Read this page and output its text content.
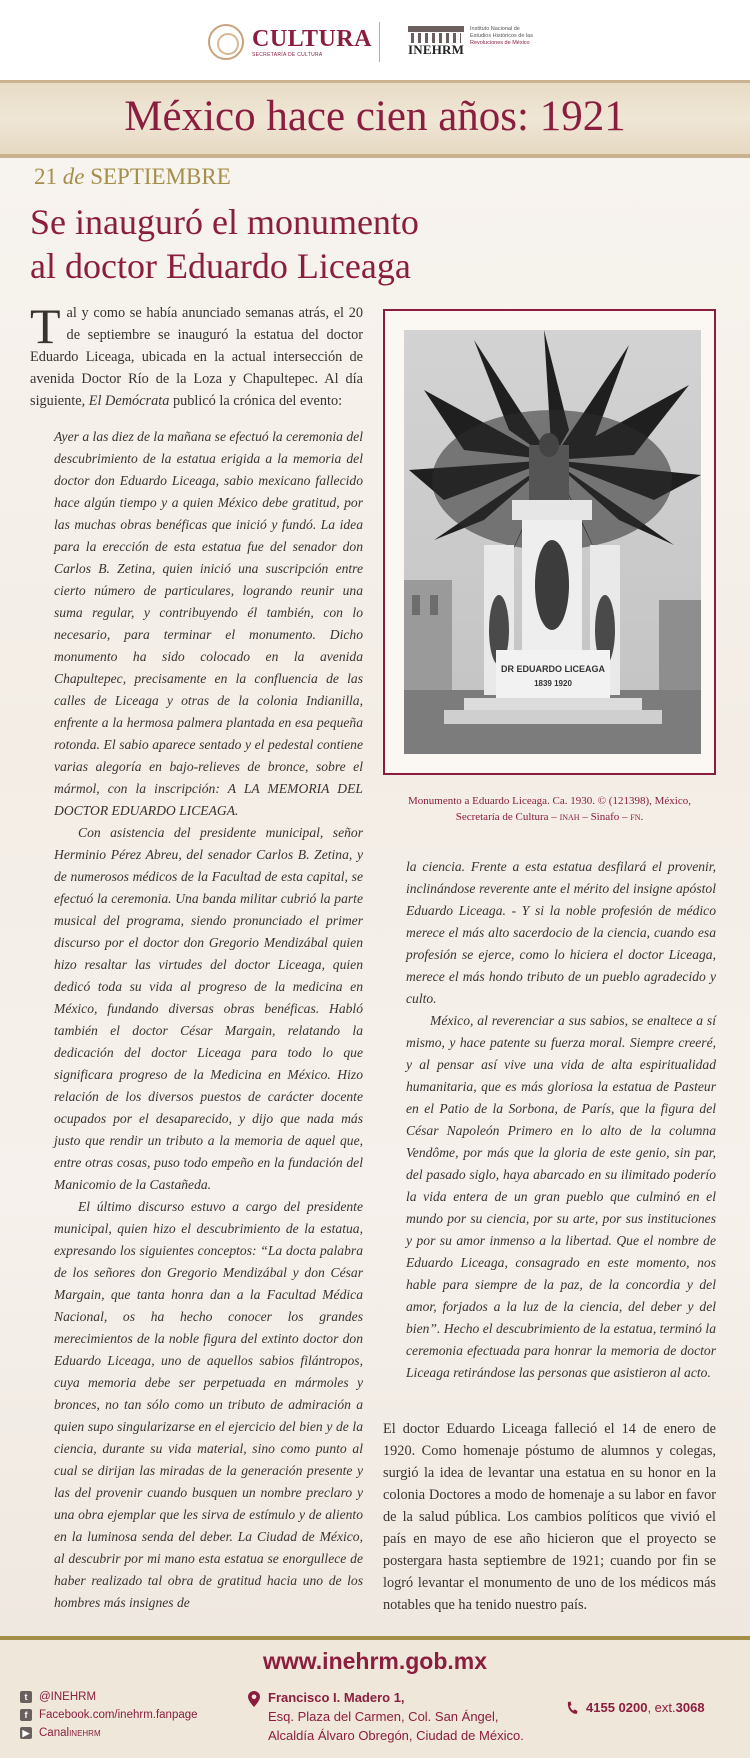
CULTURA
SECRETARÍA DE CULTURA	INEHRM
Instituto Nacional de
Estudios Históricos de las
Revoluciones de México
México hace cien años: 1921
21 de SEPTIEMBRE
Se inauguró el monumento
al doctor Eduardo Liceaga

Tal y como se había anunciado semanas atrás, el 20 de septiembre se inauguró la estatua del doctor Eduardo Liceaga, ubicada en la actual intersección de avenida Doctor Río de la Loza y Chapultepec. Al día siguiente, El Demócrata publicó la crónica del evento:

Ayer a las diez de la mañana se efectuó la ceremonia del descubrimiento de la estatua erigida a la memoria del doctor don Eduardo Liceaga, sabio mexicano fallecido hace algún tiempo y a quien México debe gratitud, por las muchas obras benéficas que inició y fundó. La idea para la erección de esta estatua fue del senador don Carlos B. Zetina, quien inició una suscripción entre cierto número de particulares, logrando reunir una suma regular, y contribuyendo él también, con lo necesario, para terminar el monumento. Dicho monumento ha sido colocado en la avenida Chapultepec, precisamente en la confluencia de las calles de Liceaga y otras de la colonia Indianilla, enfrente a la hermosa palmera plantada en esa pequeña rotonda. El sabio aparece sentado y el pedestal contiene varias alegoría en bajo-relieves de bronce, sobre el mármol, con la inscripción: A LA MEMORIA DEL DOCTOR EDUARDO LICEAGA.

Con asistencia del presidente municipal, señor Herminio Pérez Abreu, del senador Carlos B. Zetina, y de numerosos médicos de la Facultad de esta capital, se efectuó la ceremonia. Una banda militar cubrió la parte musical del programa, siendo pronunciado el primer discurso por el doctor don Gregorio Mendizábal quien hizo resaltar las virtudes del doctor Liceaga, quien dedicó toda su vida al progreso de la medicina en México, fundando diversas obras benéficas. Habló también el doctor César Margain, relatando la dedicación del doctor Liceaga para todo lo que significara progreso de la Medicina en México. Hizo relación de los diversos puestos de carácter docente ocupados por el desaparecido, y dijo que nada más justo que rendir un tributo a la memoria de aquel que, entre otras cosas, puso todo empeño en la fundación del Manicomio de la Castañeda.

El último discurso estuvo a cargo del presidente municipal, quien hizo el descubrimiento de la estatua, expresando los siguientes conceptos: “La docta palabra de los señores don Gregorio Mendizábal y don César Margain, que tanta honra dan a la Facultad Médica Nacional, os ha hecho conocer los grandes merecimientos de la noble figura del extinto doctor don Eduardo Liceaga, uno de aquellos sabios filántropos, cuya memoria debe ser perpetuada en mármoles y bronces, no tan sólo como un tributo de admiración a quien supo singularizarse en el ejercicio del bien y de la ciencia, durante su vida material, sino como punto al cual se dirijan las miradas de la generación presente y las del provenir cuando busquen un nombre preclaro y una obra ejemplar que les sirva de estímulo y de aliento en la luminosa senda del deber. La Ciudad de México, al descubrir por mi mano esta estatua se enorgullece de haber realizado tal obra de gratitud hacia uno de los hombres más insignes de

DR EDUARDO LICEAGA
1839 1920
Monumento a Eduardo Liceaga. Ca. 1930. © (121398), México,
Secretaría de Cultura – inah – Sinafo – fn.

la ciencia. Frente a esta estatua desfilará el provenir, inclinándose reverente ante el mérito del insigne apóstol Eduardo Liceaga. - Y si la noble profesión de médico merece el más alto sacerdocio de la ciencia, cuando esa profesión se ejerce, como lo hiciera el doctor Liceaga, merece el más hondo tributo de un pueblo agradecido y culto.

México, al reverenciar a sus sabios, se enaltece a sí mismo, y hace patente su fuerza moral. Siempre creeré, y al pensar así vive una vida de alta espiritualidad humanitaria, que es más gloriosa la estatua de Pasteur en el Patio de la Sorbona, de París, que la figura del César Napoleón Primero en lo alto de la columna Vendôme, por más que la gloria de este genio, sin par, del pasado siglo, haya abarcado en su ilimitado poderío la vida entera de un gran pueblo que culminó en el mundo por su ciencia, por su arte, por sus instituciones y por su amor inmenso a la libertad. Que el nombre de Eduardo Liceaga, consagrado en este momento, nos hable para siempre de la paz, de la concordia y del amor, forjados a la luz de la ciencia, del deber y del bien”. Hecho el descubrimiento de la estatua, terminó la ceremonia efectuada para honrar la memoria de doctor Liceaga retirándose las personas que asistieron al acto.

El doctor Eduardo Liceaga falleció el 14 de enero de 1920. Como homenaje póstumo de alumnos y colegas, surgió la idea de levantar una estatua en su honor en la colonia Doctores a modo de homenaje a su labor en favor de la salud pública. Los cambios políticos que vivió el país en mayo de ese año hicieron que el proyecto se postergara hasta septiembre de 1921; cuando por fin se logró levantar el monumento de uno de los médicos más notables que ha tenido nuestro país.

www.inehrm.gob.mx
t	@INEHRM
f	Facebook.com/inehrm.fanpage
▶ Canal inehrm
Francisco I. Madero 1,
Esq. Plaza del Carmen, Col. San Ángel,
Alcaldía Álvaro Obregón, Ciudad de México.
4155 0200 , ext. 3068
